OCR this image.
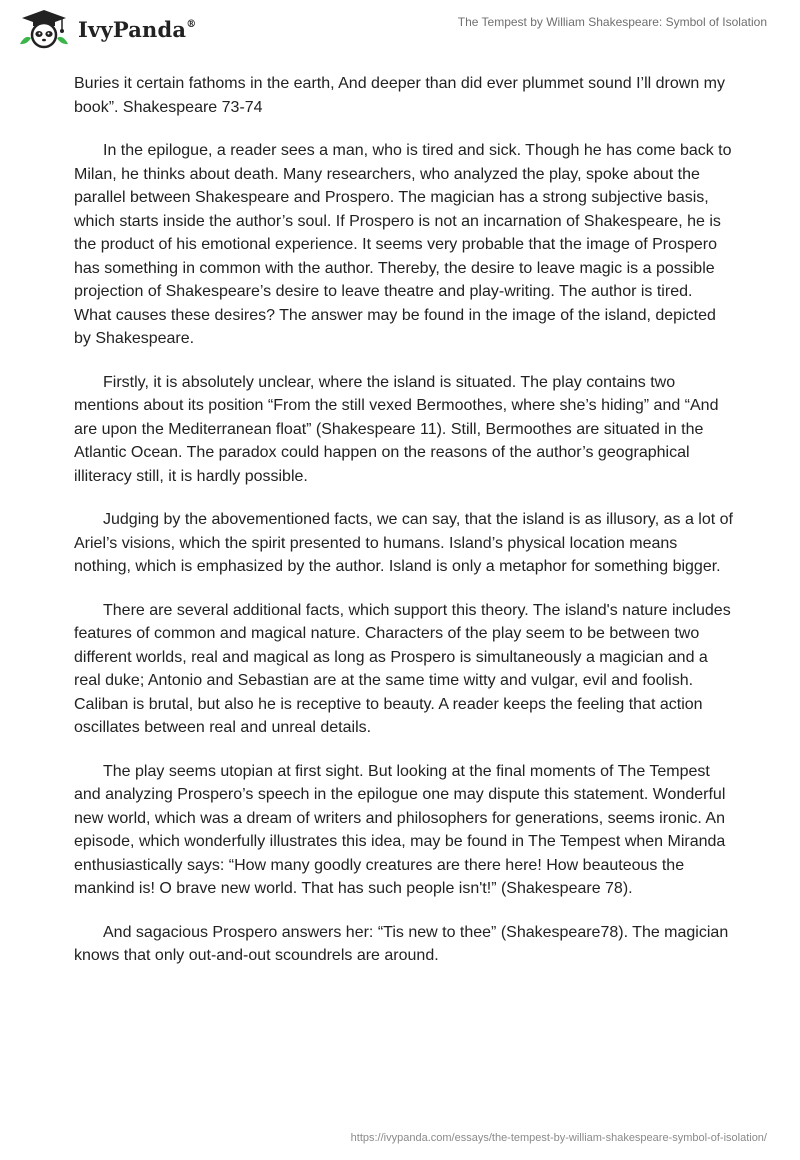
IvyPanda®	The Tempest by William Shakespeare: Symbol of Isolation

Buries it certain fathoms in the earth, And deeper than did ever plummet sound I’ll drown my book”. Shakespeare 73-74

In the epilogue, a reader sees a man, who is tired and sick. Though he has come back to Milan, he thinks about death. Many researchers, who analyzed the play, spoke about the parallel between Shakespeare and Prospero. The magician has a strong subjective basis, which starts inside the author’s soul. If Prospero is not an incarnation of Shakespeare, he is the product of his emotional experience. It seems very probable that the image of Prospero has something in common with the author. Thereby, the desire to leave magic is a possible projection of Shakespeare’s desire to leave theatre and play-writing. The author is tired. What causes these desires? The answer may be found in the image of the island, depicted by Shakespeare.

Firstly, it is absolutely unclear, where the island is situated. The play contains two mentions about its position “From the still vexed Bermoothes, where she’s hiding” and “And are upon the Mediterranean float” (Shakespeare 11). Still, Bermoothes are situated in the Atlantic Ocean. The paradox could happen on the reasons of the author’s geographical illiteracy still, it is hardly possible.

Judging by the abovementioned facts, we can say, that the island is as illusory, as a lot of Ariel’s visions, which the spirit presented to humans. Island’s physical location means nothing, which is emphasized by the author. Island is only a metaphor for something bigger.

There are several additional facts, which support this theory. The island's nature includes features of common and magical nature. Characters of the play seem to be between two different worlds, real and magical as long as Prospero is simultaneously a magician and a real duke; Antonio and Sebastian are at the same time witty and vulgar, evil and foolish. Caliban is brutal, but also he is receptive to beauty. A reader keeps the feeling that action oscillates between real and unreal details.

The play seems utopian at first sight. But looking at the final moments of The Tempest and analyzing Prospero’s speech in the epilogue one may dispute this statement. Wonderful new world, which was a dream of writers and philosophers for generations, seems ironic. An episode, which wonderfully illustrates this idea, may be found in The Tempest when Miranda enthusiastically says: “How many goodly creatures are there here! How beauteous the mankind is! O brave new world. That has such people isn't!” (Shakespeare 78).

And sagacious Prospero answers her: “Tis new to thee” (Shakespeare78). The magician knows that only out-and-out scoundrels are around.

https://ivypanda.com/essays/the-tempest-by-william-shakespeare-symbol-of-isolation/
